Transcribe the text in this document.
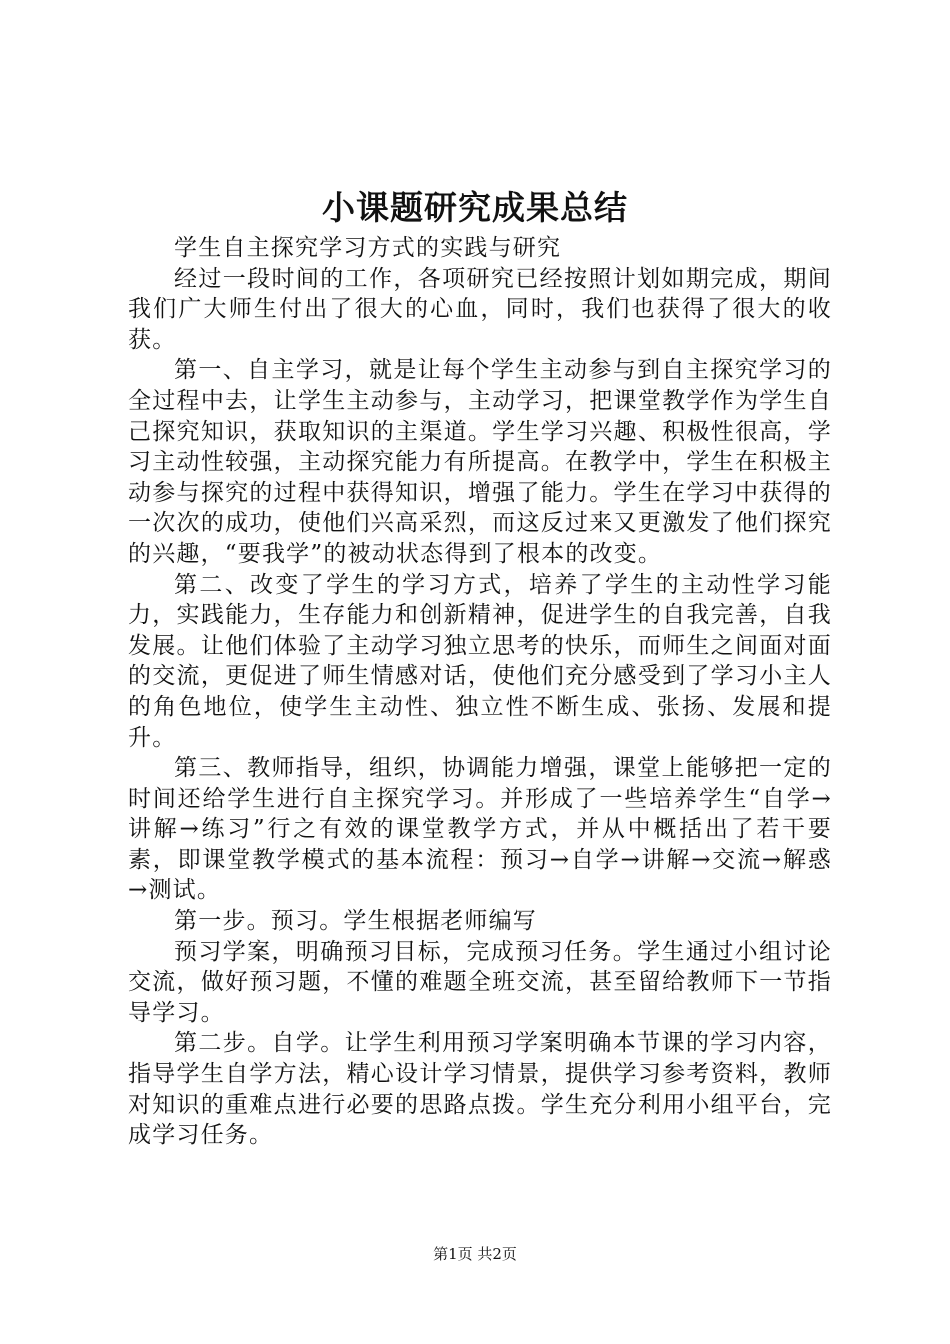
小课题研究成果总结

学生自主探究学习方式的实践与研究

经过一段时间的工作，各项研究已经按照计划如期完成，期间我们广大师生付出了很大的心血，同时，我们也获得了很大的收获。

第一、自主学习，就是让每个学生主动参与到自主探究学习的全过程中去，让学生主动参与，主动学习，把课堂教学作为学生自己探究知识，获取知识的主渠道。学生学习兴趣、积极性很高，学习主动性较强，主动探究能力有所提高。在教学中，学生在积极主动参与探究的过程中获得知识，增强了能力。学生在学习中获得的一次次的成功，使他们兴高采烈，而这反过来又更激发了他们探究的兴趣，“要我学”的被动状态得到了根本的改变。

第二、改变了学生的学习方式，培养了学生的主动性学习能力，实践能力，生存能力和创新精神，促进学生的自我完善，自我发展。让他们体验了主动学习独立思考的快乐，而师生之间面对面的交流，更促进了师生情感对话，使他们充分感受到了学习小主人的角色地位，使学生主动性、独立性不断生成、张扬、发展和提升。

第三、教师指导，组织，协调能力增强，课堂上能够把一定的时间还给学生进行自主探究学习。并形成了一些培养学生“自学→讲解→练习”行之有效的课堂教学方式，并从中概括出了若干要素，即课堂教学模式的基本流程：预习→自学→讲解→交流→解惑→测试。

第一步。预习。学生根据老师编写

预习学案，明确预习目标，完成预习任务。学生通过小组讨论交流，做好预习题，不懂的难题全班交流，甚至留给教师下一节指导学习。

第二步。自学。让学生利用预习学案明确本节课的学习内容，指导学生自学方法，精心设计学习情景，提供学习参考资料，教师对知识的重难点进行必要的思路点拨。学生充分利用小组平台，完成学习任务。

第1页 共2页
